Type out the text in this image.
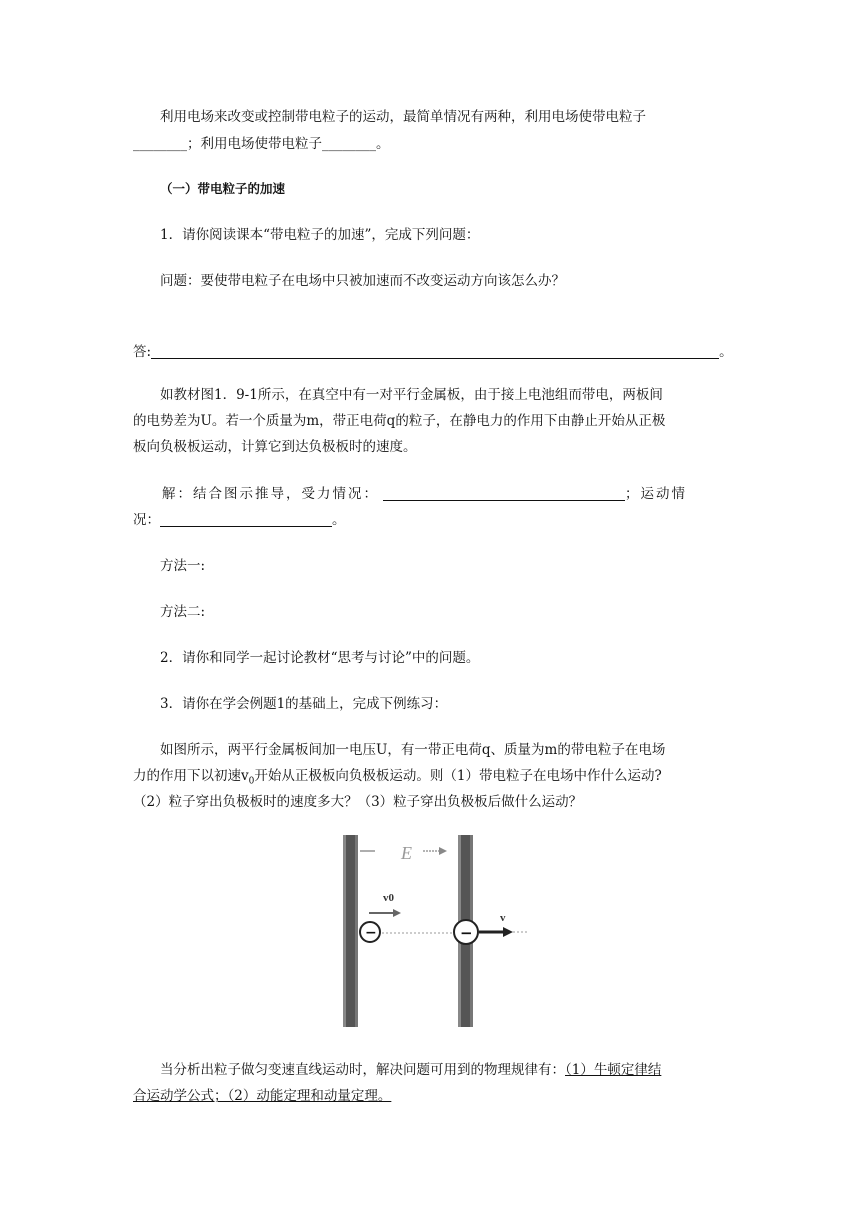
利用电场来改变或控制带电粒子的运动，最简单情况有两种，利用电场使带电粒子
________；利用电场使带电粒子________。
（一）带电粒子的加速
1．请你阅读课本“带电粒子的加速”，完成下列问题：
问题：要使带电粒子在电场中只被加速而不改变运动方向该怎么办？
答:	。
如教材图1．9-1所示，在真空中有一对平行金属板，由于接上电池组而带电，两板间
的电势差为U。若一个质量为m，带正电荷q的粒子，在静电力的作用下由静止开始从正极
板向负极板运动，计算它到达负极板时的速度。
解：结合图示推导，受力情况：	；运动情
况：	。
方法一:
方法二:
2．请你和同学一起讨论教材“思考与讨论”中的问题。
3．请你在学会例题1的基础上，完成下例练习：
如图所示，两平行金属板间加一电压U，有一带正电荷q、质量为m的带电粒子在电场
力的作用下以初速$v_0$开始从正极板向负极板运动。则（1）带电粒子在电场中作什么运动?
（2）粒子穿出负极板时的速度多大？（3）粒子穿出负极板后做什么运动？
E
v0
−	−
v
当分析出粒子做匀变速直线运动时，解决问题可用到的物理规律有：（1）牛顿定律结
合运动学公式；（2）动能定理和动量定理。
